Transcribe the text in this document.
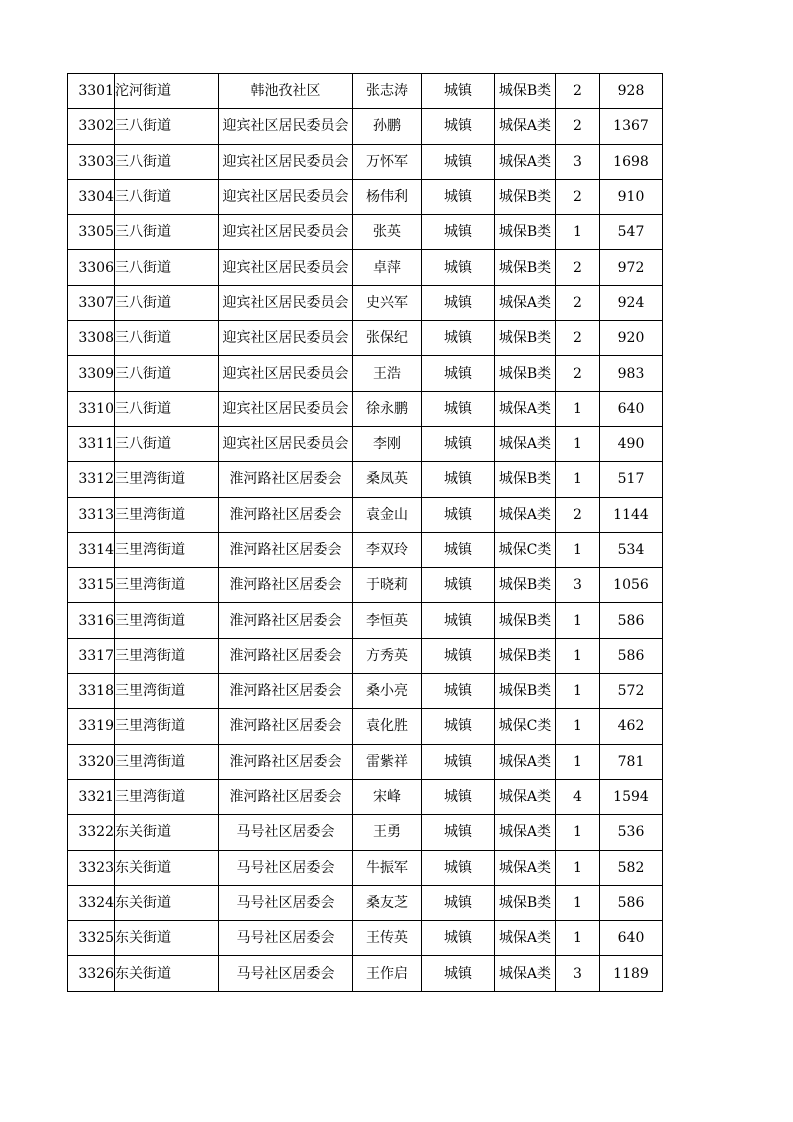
3301	沱河街道	韩池孜社区	张志涛	城镇	城保B类	2	928
3302	三八街道	迎宾社区居民委员会	孙鹏	城镇	城保A类	2	1367
3303	三八街道	迎宾社区居民委员会	万怀军	城镇	城保A类	3	1698
3304	三八街道	迎宾社区居民委员会	杨伟利	城镇	城保B类	2	910
3305	三八街道	迎宾社区居民委员会	张英	城镇	城保B类	1	547
3306	三八街道	迎宾社区居民委员会	卓萍	城镇	城保B类	2	972
3307	三八街道	迎宾社区居民委员会	史兴军	城镇	城保A类	2	924
3308	三八街道	迎宾社区居民委员会	张保纪	城镇	城保B类	2	920
3309	三八街道	迎宾社区居民委员会	王浩	城镇	城保B类	2	983
3310	三八街道	迎宾社区居民委员会	徐永鹏	城镇	城保A类	1	640
3311	三八街道	迎宾社区居民委员会	李刚	城镇	城保A类	1	490
3312	三里湾街道	淮河路社区居委会	桑凤英	城镇	城保B类	1	517
3313	三里湾街道	淮河路社区居委会	袁金山	城镇	城保A类	2	1144
3314	三里湾街道	淮河路社区居委会	李双玲	城镇	城保C类	1	534
3315	三里湾街道	淮河路社区居委会	于晓莉	城镇	城保B类	3	1056
3316	三里湾街道	淮河路社区居委会	李恒英	城镇	城保B类	1	586
3317	三里湾街道	淮河路社区居委会	方秀英	城镇	城保B类	1	586
3318	三里湾街道	淮河路社区居委会	桑小亮	城镇	城保B类	1	572
3319	三里湾街道	淮河路社区居委会	袁化胜	城镇	城保C类	1	462
3320	三里湾街道	淮河路社区居委会	雷紫祥	城镇	城保A类	1	781
3321	三里湾街道	淮河路社区居委会	宋峰	城镇	城保A类	4	1594
3322	东关街道	马号社区居委会	王勇	城镇	城保A类	1	536
3323	东关街道	马号社区居委会	牛振军	城镇	城保A类	1	582
3324	东关街道	马号社区居委会	桑友芝	城镇	城保B类	1	586
3325	东关街道	马号社区居委会	王传英	城镇	城保A类	1	640
3326	东关街道	马号社区居委会	王作启	城镇	城保A类	3	1189
